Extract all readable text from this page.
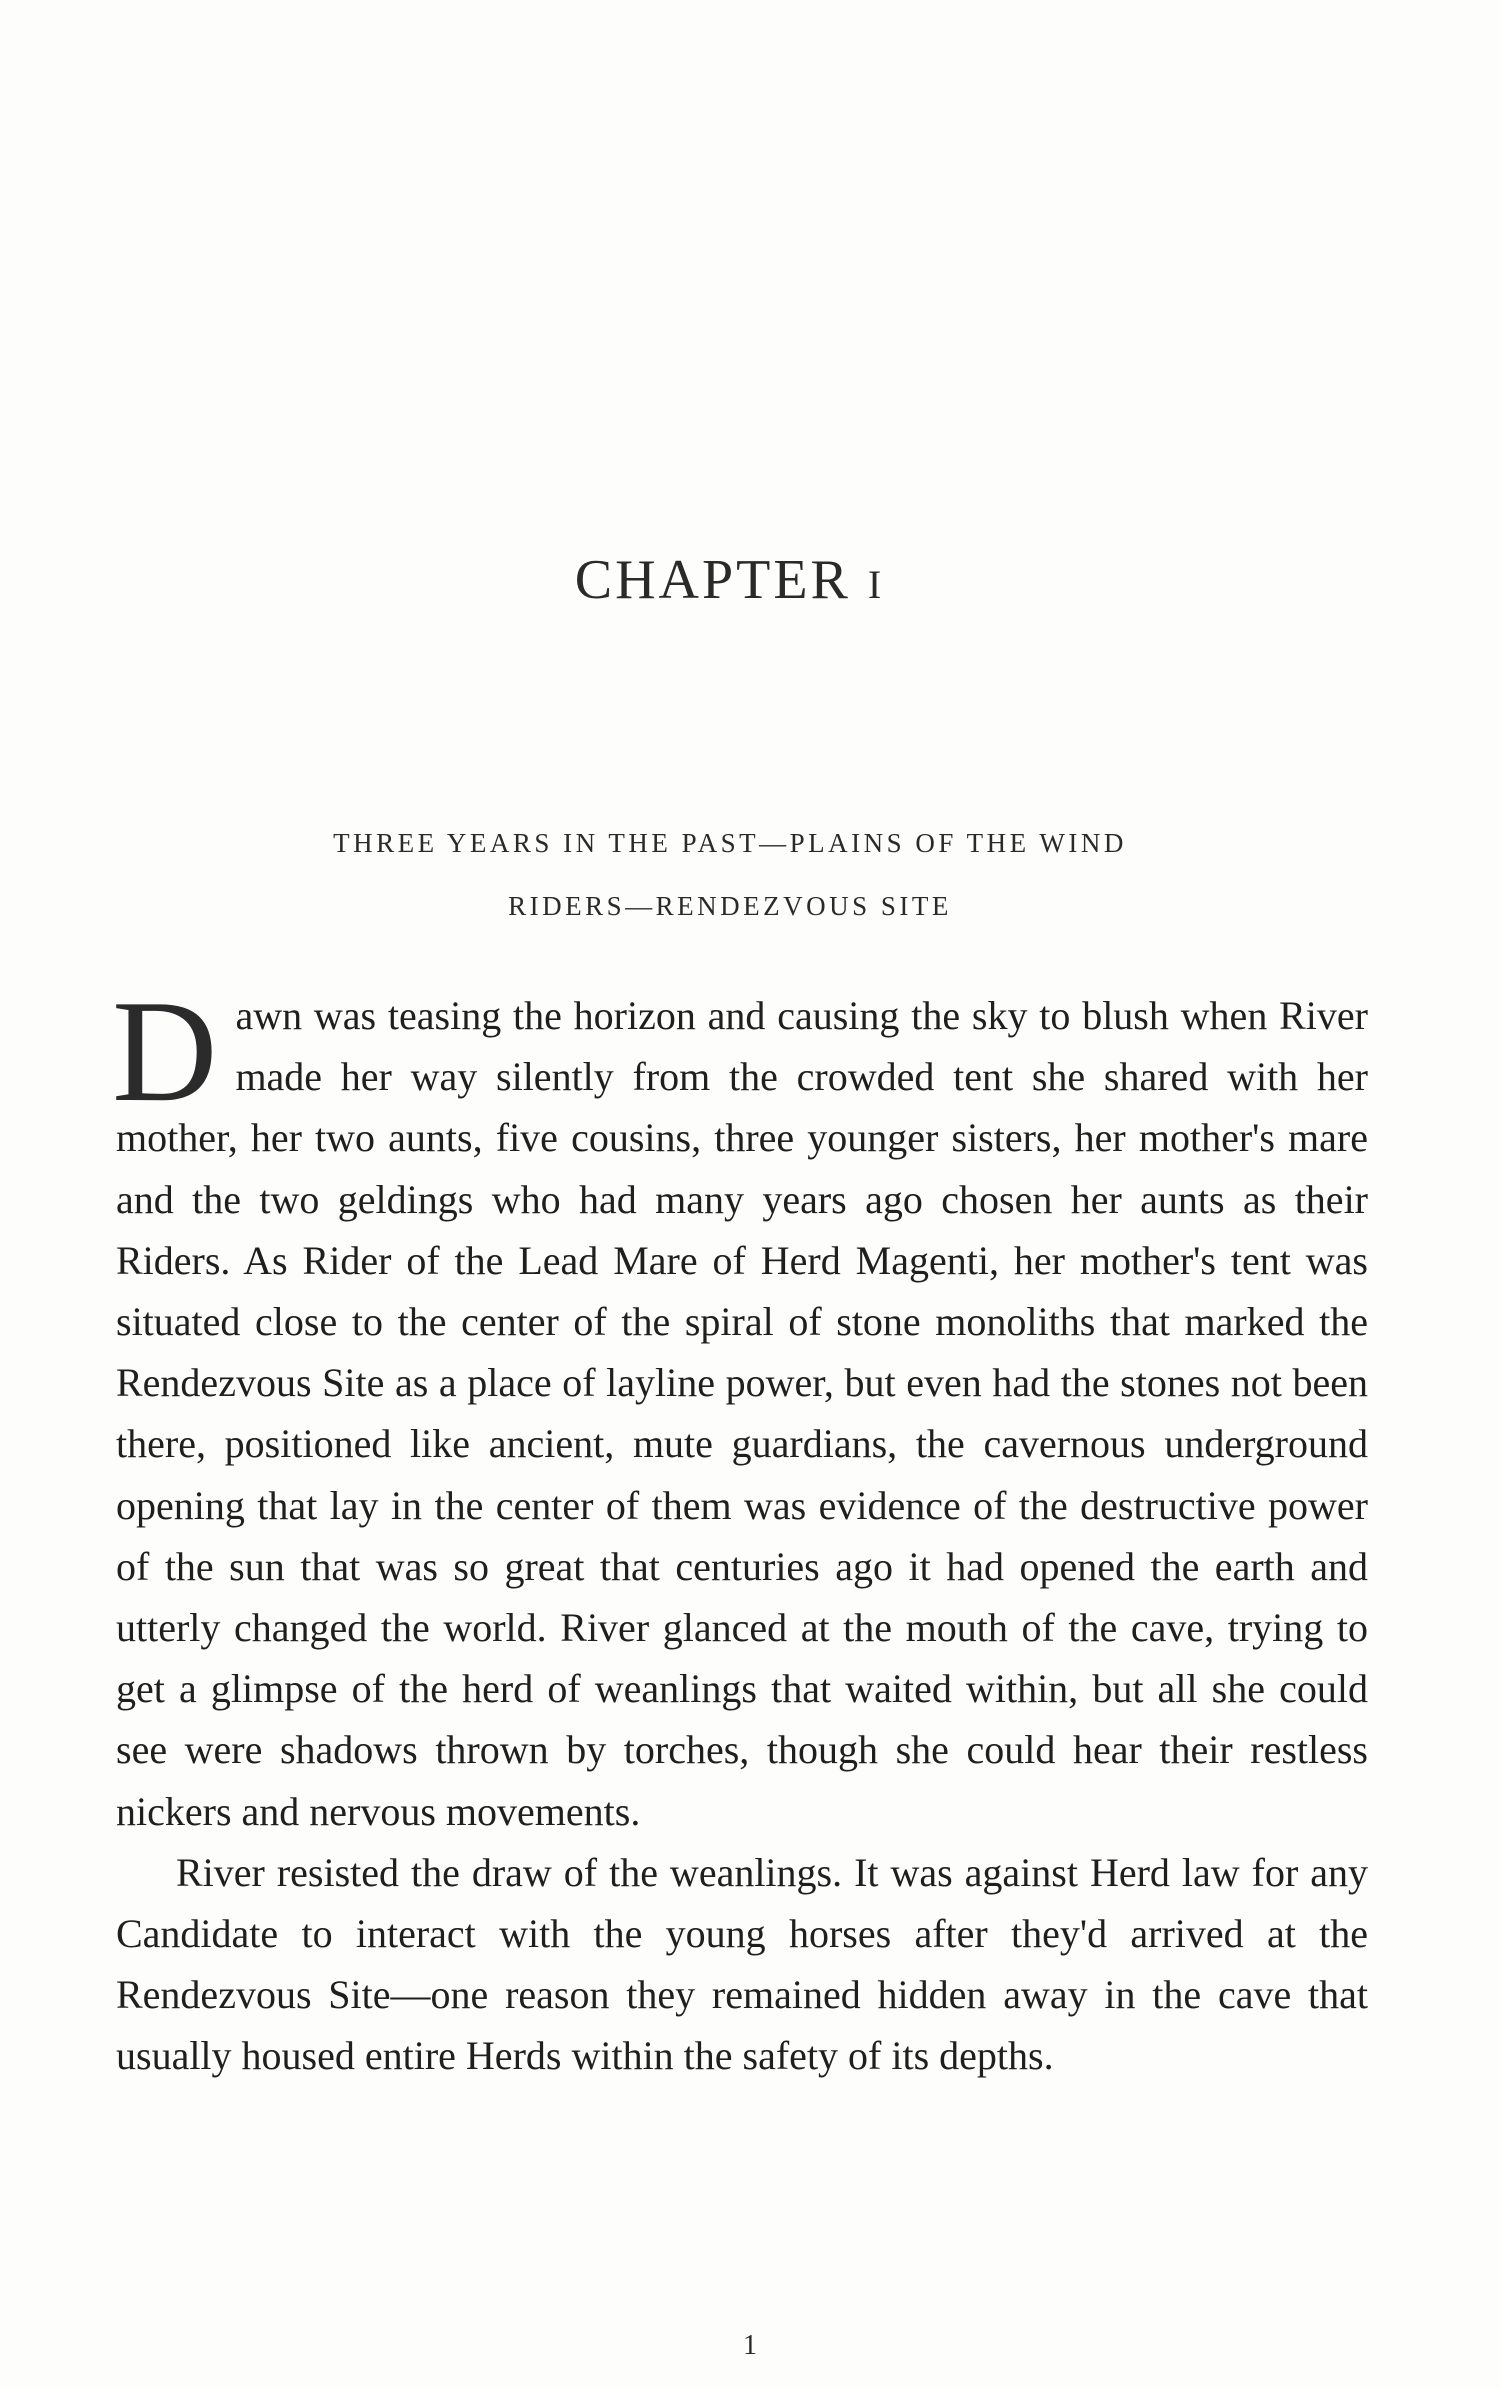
CHAPTER I
THREE YEARS IN THE PAST—PLAINS OF THE WIND
RIDERS—RENDEZVOUS SITE

Dawn was teasing the horizon and causing the sky to blush when River made her way silently from the crowded tent she shared with her mother, her two aunts, five cousins, three younger sisters, her mother's mare and the two geldings who had many years ago chosen her aunts as their Riders. As Rider of the Lead Mare of Herd Magenti, her mother's tent was situated close to the center of the spiral of stone monoliths that marked the Rendezvous Site as a place of layline power, but even had the stones not been there, positioned like ancient, mute guardians, the cavernous underground opening that lay in the center of them was evidence of the destructive power of the sun that was so great that centuries ago it had opened the earth and utterly changed the world. River glanced at the mouth of the cave, trying to get a glimpse of the herd of weanlings that waited within, but all she could see were shadows thrown by torches, though she could hear their restless nickers and nervous movements.

River resisted the draw of the weanlings. It was against Herd law for any Candidate to interact with the young horses after they'd arrived at the Rendezvous Site—one reason they remained hidden away in the cave that usually housed entire Herds within the safety of its depths.

1
